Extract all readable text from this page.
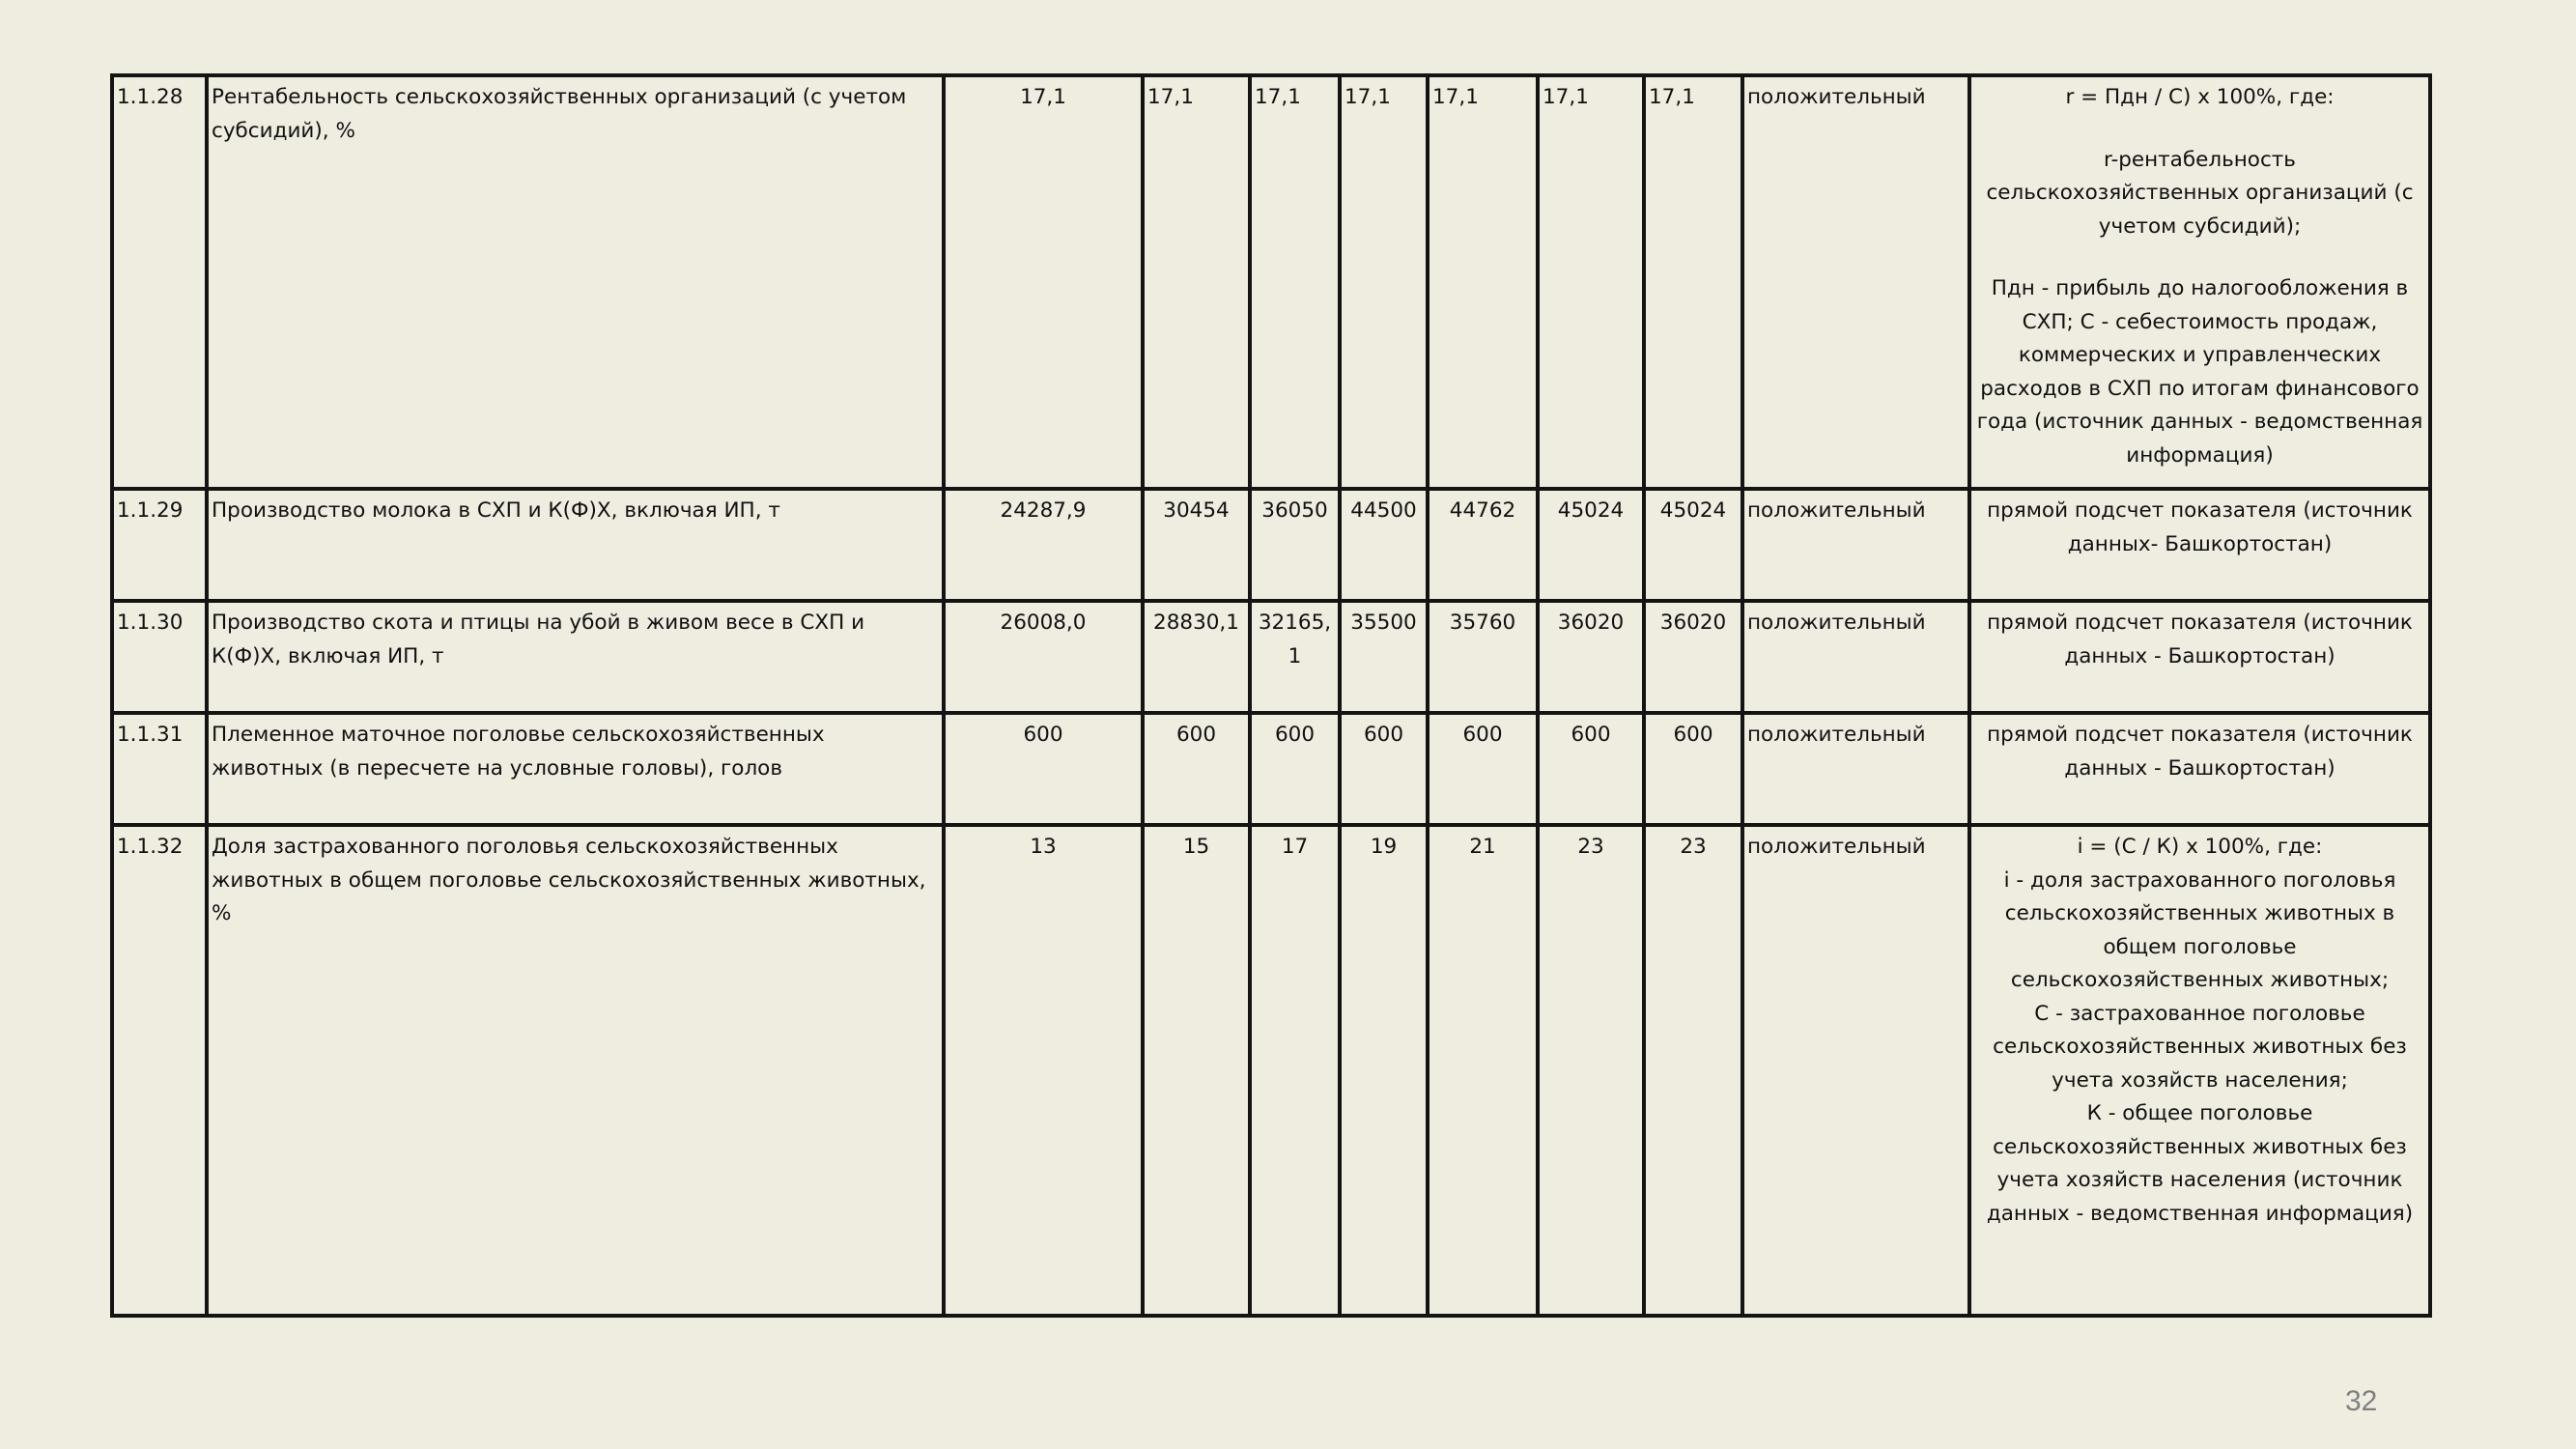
1.1.28	Рентабельность сельскохозяйственных организаций (с учетом субсидий), %	17,1	17,1	17,1	17,1	17,1	17,1	17,1	положительный	r = Пдн / С) х 100%, где:

r-рентабельность сельскохозяйственных организаций (с учетом субсидий);

Пдн - прибыль до налогообложения в СХП; С - себестоимость продаж, коммерческих и управленческих расходов в СХП по итогам финансового года (источник данных - ведомственная информация)

1.1.29	Производство молока в СХП и К(Ф)Х, включая ИП, т	24287,9	30454	36050	44500	44762	45024	45024	положительный	прямой подсчет показателя (источник данных- Башкортостан)
1.1.30	Производство скота и птицы на убой в живом весе в СХП и К(Ф)Х, включая ИП, т	26008,0	28830,1	32165,1	35500	35760	36020	36020	положительный	прямой подсчет показателя (источник данных - Башкортостан)
1.1.31	Племенное маточное поголовье сельскохозяйственных животных (в пересчете на условные головы), голов	600	600	600	600	600	600	600	положительный	прямой подсчет показателя (источник данных - Башкортостан)
1.1.32	Доля застрахованного поголовья сельскохозяйственных животных в общем поголовье сельскохозяйственных животных, %	13	15	17	19	21	23	23	положительный	i = (С / К) х 100%, где:

i - доля застрахованного поголовья сельскохозяйственных животных в общем поголовье сельскохозяйственных животных;

С - застрахованное поголовье сельскохозяйственных животных без учета хозяйств населения;

К - общее поголовье сельскохозяйственных животных без учета хозяйств населения (источник данных - ведомственная информация)

32
